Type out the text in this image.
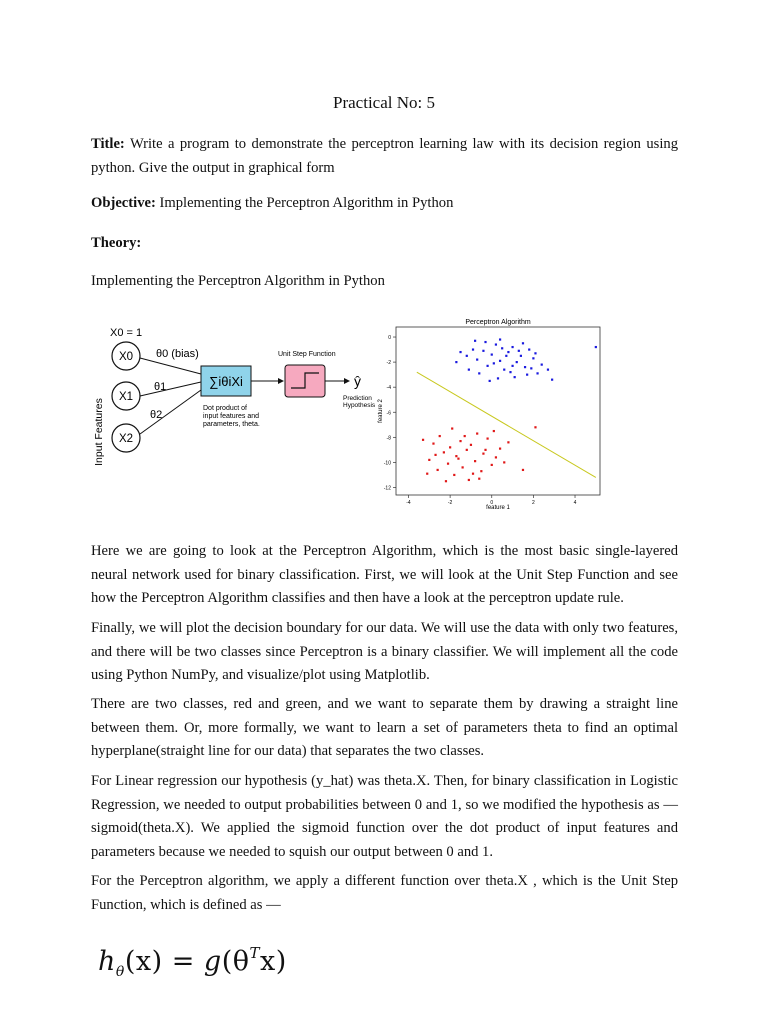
Practical No: 5
Title: Write a program to demonstrate the perceptron learning law with its decision region using python. Give the output in graphical form
Objective: Implementing the Perceptron Algorithm in Python
Theory:
Implementing the Perceptron Algorithm in Python
X0 = 1
Input Features
X0
X1
X2
θ0 (bias)
θ1
θ2
∑iθiXi
Dot product of
input features and
parameters, theta.
Unit Step Function
ŷ
Prediction
Hypothesis
Perceptron Algorithm
-4	-2	0	2	4
0
-2
-4
-6
-8
-10
-12
feature 1
feature 2
Here we are going to look at the Perceptron Algorithm, which is the most basic single-layered neural network used for binary classification. First, we will look at the Unit Step Function and see how the Perceptron Algorithm classifies and then have a look at the perceptron update rule.
Finally, we will plot the decision boundary for our data. We will use the data with only two features, and there will be two classes since Perceptron is a binary classifier. We will implement all the code using Python NumPy, and visualize/plot using Matplotlib.
There are two classes, red and green, and we want to separate them by drawing a straight line between them. Or, more formally, we want to learn a set of parameters theta to find an optimal hyperplane(straight line for our data) that separates the two classes.
For Linear regression our hypothesis (y_hat) was theta.X. Then, for binary classification in Logistic Regression, we needed to output probabilities between 0 and 1, so we modified the hypothesis as — sigmoid(theta.X). We applied the sigmoid function over the dot product of input features and parameters because we needed to squish our output between 0 and 1.
For the Perceptron algorithm, we apply a different function over theta.X , which is the Unit Step Function, which is defined as —
$h_\theta(x) = g(\theta^Tx)$
